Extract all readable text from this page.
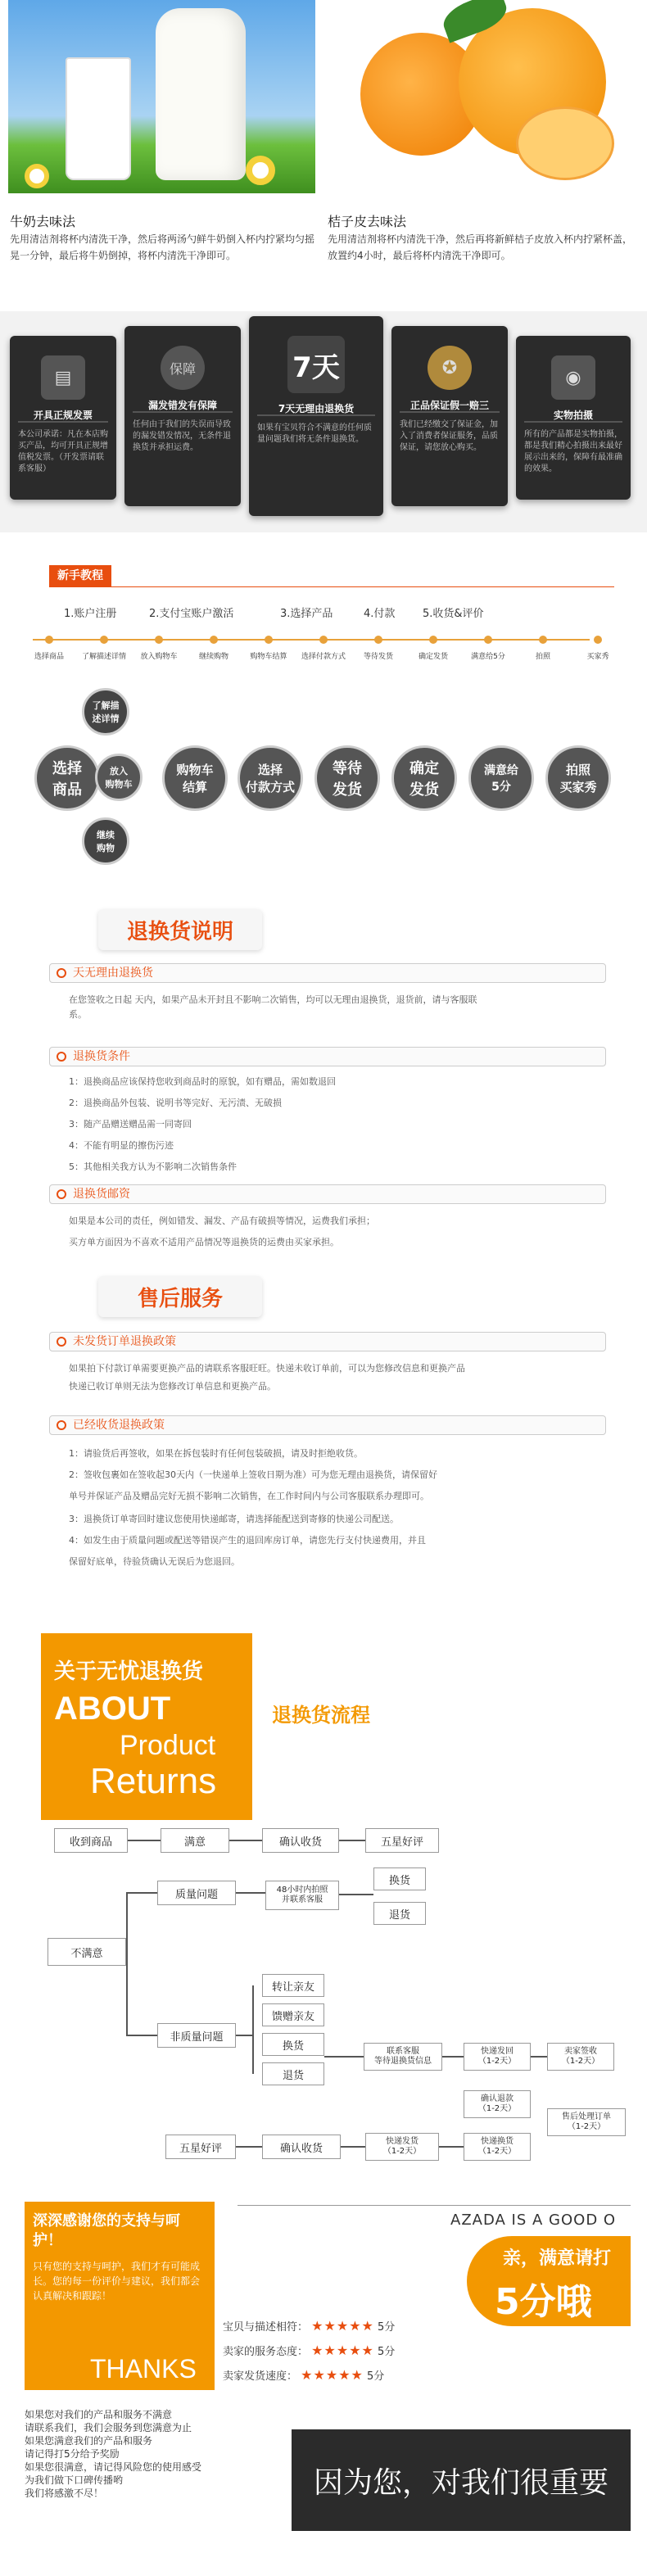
牛奶去味法
先用清洁剂将杯内清洗干净，然后将两汤勺鲜牛奶倒入杯内拧紧均匀摇晃一分钟，最后将牛奶倒掉，将杯内清洗干净即可。
桔子皮去味法
先用清洁剂将杯内清洗干净，然后再将新鲜桔子皮放入杯内拧紧杯盖，放置约4小时，最后将杯内清洗干净即可。
▤
开具正规发票
本公司承诺：凡在本店购买产品，均可开具正规增值税发票。（开发票请联系客服）
保障
漏发错发有保障
任何由于我们的失误而导致的漏发错发情况，无条件退换货并承担运费。
7天
7天无理由退换货
如果有宝贝符合不满意的任何质量问题我们将无条件退换货。
✪
正品保证假一赔三
我们已经缴交了保证金，加入了消费者保证服务，品质保证，请您放心购买。
◉
实物拍摄
所有的产品都是实物拍摄，都是我们精心拍摄出来最好展示出来的，保障有最准确的效果。
新手教程
1.账户注册	2.支付宝账户激活	3.选择产品	4.付款	5.收货&评价
选择商品 了解描述详情 放入购物车	继续购物	购物车结算 选择付款方式 等待发货	确定发货	满意给5分	拍照	买家秀
了解描
述详情
选择
商品
放入
购物车
继续
购物
购物车
结算
选择
付款方式
等待
发货
确定
发货
满意给
5分
拍照
买家秀
退换货说明
天无理由退换货
在您签收之日起 天内，如果产品未开封且不影响二次销售，均可以无理由退换货，退货前，请与客服联系。
退换货条件
1：退换商品应该保持您收到商品时的原貌，如有赠品，需如数退回
2：退换商品外包装、说明书等完好、无污渍、无破损
3：随产品赠送赠品需一同寄回
4：不能有明显的擦伤污迹
5：其他相关我方认为不影响二次销售条件
退换货邮资
如果是本公司的责任，例如错发、漏发、产品有破损等情况，运费我们承担；
买方单方面因为不喜欢不适用产品情况等退换货的运费由买家承担。
售后服务
未发货订单退换政策
如果拍下付款订单需要更换产品的请联系客服旺旺。快递未收订单前，可以为您修改信息和更换产品
快递已收订单则无法为您修改订单信息和更换产品。
已经收货退换政策
1：请验货后再签收，如果在拆包装时有任何包装破损，请及时拒绝收货。
2：签收包裹如在签收起30天内（一快递单上签收日期为准）可为您无理由退换货，请保留好
单号并保证产品及赠品完好无损不影响二次销售，在工作时间内与公司客服联系办理即可。
3：退换货订单寄回时建议您使用快递邮寄，请选择能配送到寄修的快递公司配送。
4：如发生由于质量问题或配送等错误产生的退回库房订单，请您先行支付快递费用，并且
保留好底单，待验货确认无误后为您退回。
关于无忧退换货
ABOUT
Product
Returns
退换货流程
收到商品	满意	确认收货	五星好评
质量问题	48小时内拍照
并联系客服
换货
退货
不满意
转让亲友
馈赠亲友
换货
退货
非质量问题
联系客服
等待退换货信息
快递发回
（1-2天）
卖家签收
（1-2天）
确认退款
（1-2天）
售后处理订单
（1-2天）
五星好评	确认收货
快递发货
（1-2天）
快递换货
（1-2天）
深深感谢您的支持与呵护！
只有您的支持与呵护，我们才有可能成长。您的每一份评价与建议，我们都会认真解决和跟踪！
THANKS
AZADA IS A GOOD O
亲，满意请打
5分哦
宝贝与描述相符： ★★★★★ 5分
卖家的服务态度： ★★★★★ 5分
卖家发货速度： ★★★★★ 5分
如果您对我们的产品和服务不满意
请联系我们，我们会服务到您满意为止
如果您满意我们的产品和服务
请记得打5分给予奖励
如果您很满意，请记得风险您的使用感受
为我们做下口碑传播哟
我们将感激不尽！	因为您，对我们很重要
